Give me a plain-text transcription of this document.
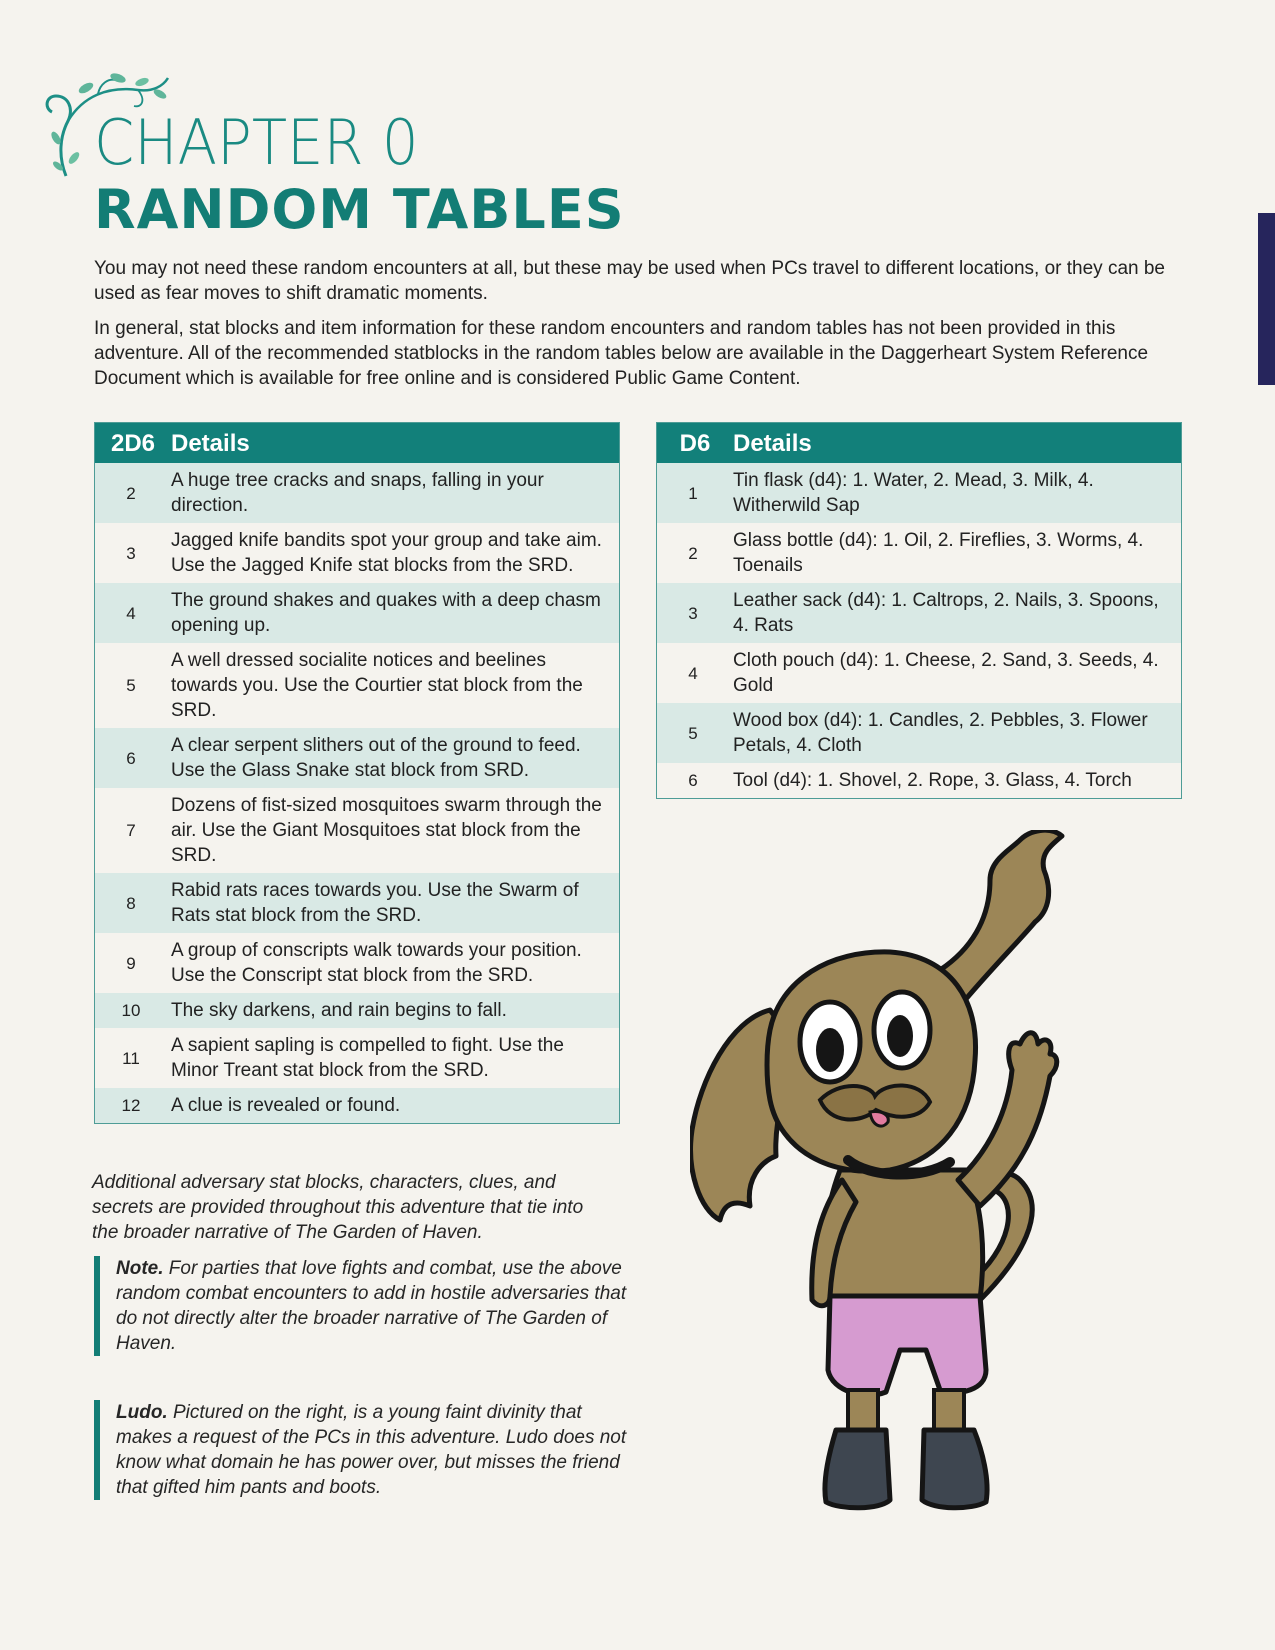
CHAPTER 0
RANDOM TABLES

You may not need these random encounters at all, but these may be used when PCs travel to different locations, or they can be used as fear moves to shift dramatic moments.

In general, stat blocks and item information for these random encounters and random tables has not been provided in this adventure. All of the recommended statblocks in the random tables below are available in the Daggerheart System Reference Document which is available for free online and is considered Public Game Content.

2D6	Details
2	A huge tree cracks and snaps, falling in your direction.
3	Jagged knife bandits spot your group and take aim. Use the Jagged Knife stat blocks from the SRD.
4	The ground shakes and quakes with a deep chasm opening up.
5	A well dressed socialite notices and beelines towards you. Use the Courtier stat block from the SRD.
6	A clear serpent slithers out of the ground to feed. Use the Glass Snake stat block from SRD.
7	Dozens of fist-sized mosquitoes swarm through the air. Use the Giant Mosquitoes stat block from the SRD.
8	Rabid rats races towards you. Use the Swarm of Rats stat block from the SRD.
9	A group of conscripts walk towards your position. Use the Conscript stat block from the SRD.
10	The sky darkens, and rain begins to fall.
11	A sapient sapling is compelled to fight. Use the Minor Treant stat block from the SRD.
12	A clue is revealed or found.
D6	Details
1	Tin flask (d4): 1. Water, 2. Mead, 3. Milk, 4. Witherwild Sap
2	Glass bottle (d4): 1. Oil, 2. Fireflies, 3. Worms, 4. Toenails
3	Leather sack (d4): 1. Caltrops, 2. Nails, 3. Spoons, 4. Rats
4	Cloth pouch (d4): 1. Cheese, 2. Sand, 3. Seeds, 4. Gold
5	Wood box (d4): 1. Candles, 2. Pebbles, 3. Flower Petals, 4. Cloth
6	Tool (d4): 1. Shovel, 2. Rope, 3. Glass, 4. Torch

Additional adversary stat blocks, characters, clues, and secrets are provided throughout this adventure that tie into the broader narrative of The Garden of Haven.

Note. For parties that love fights and combat, use the above random combat encounters to add in hostile adversaries that do not directly alter the broader narrative of The Garden of Haven.
Ludo. Pictured on the right, is a young faint divinity that makes a request of the PCs in this adventure. Ludo does not know what domain he has power over, but misses the friend that gifted him pants and boots.
